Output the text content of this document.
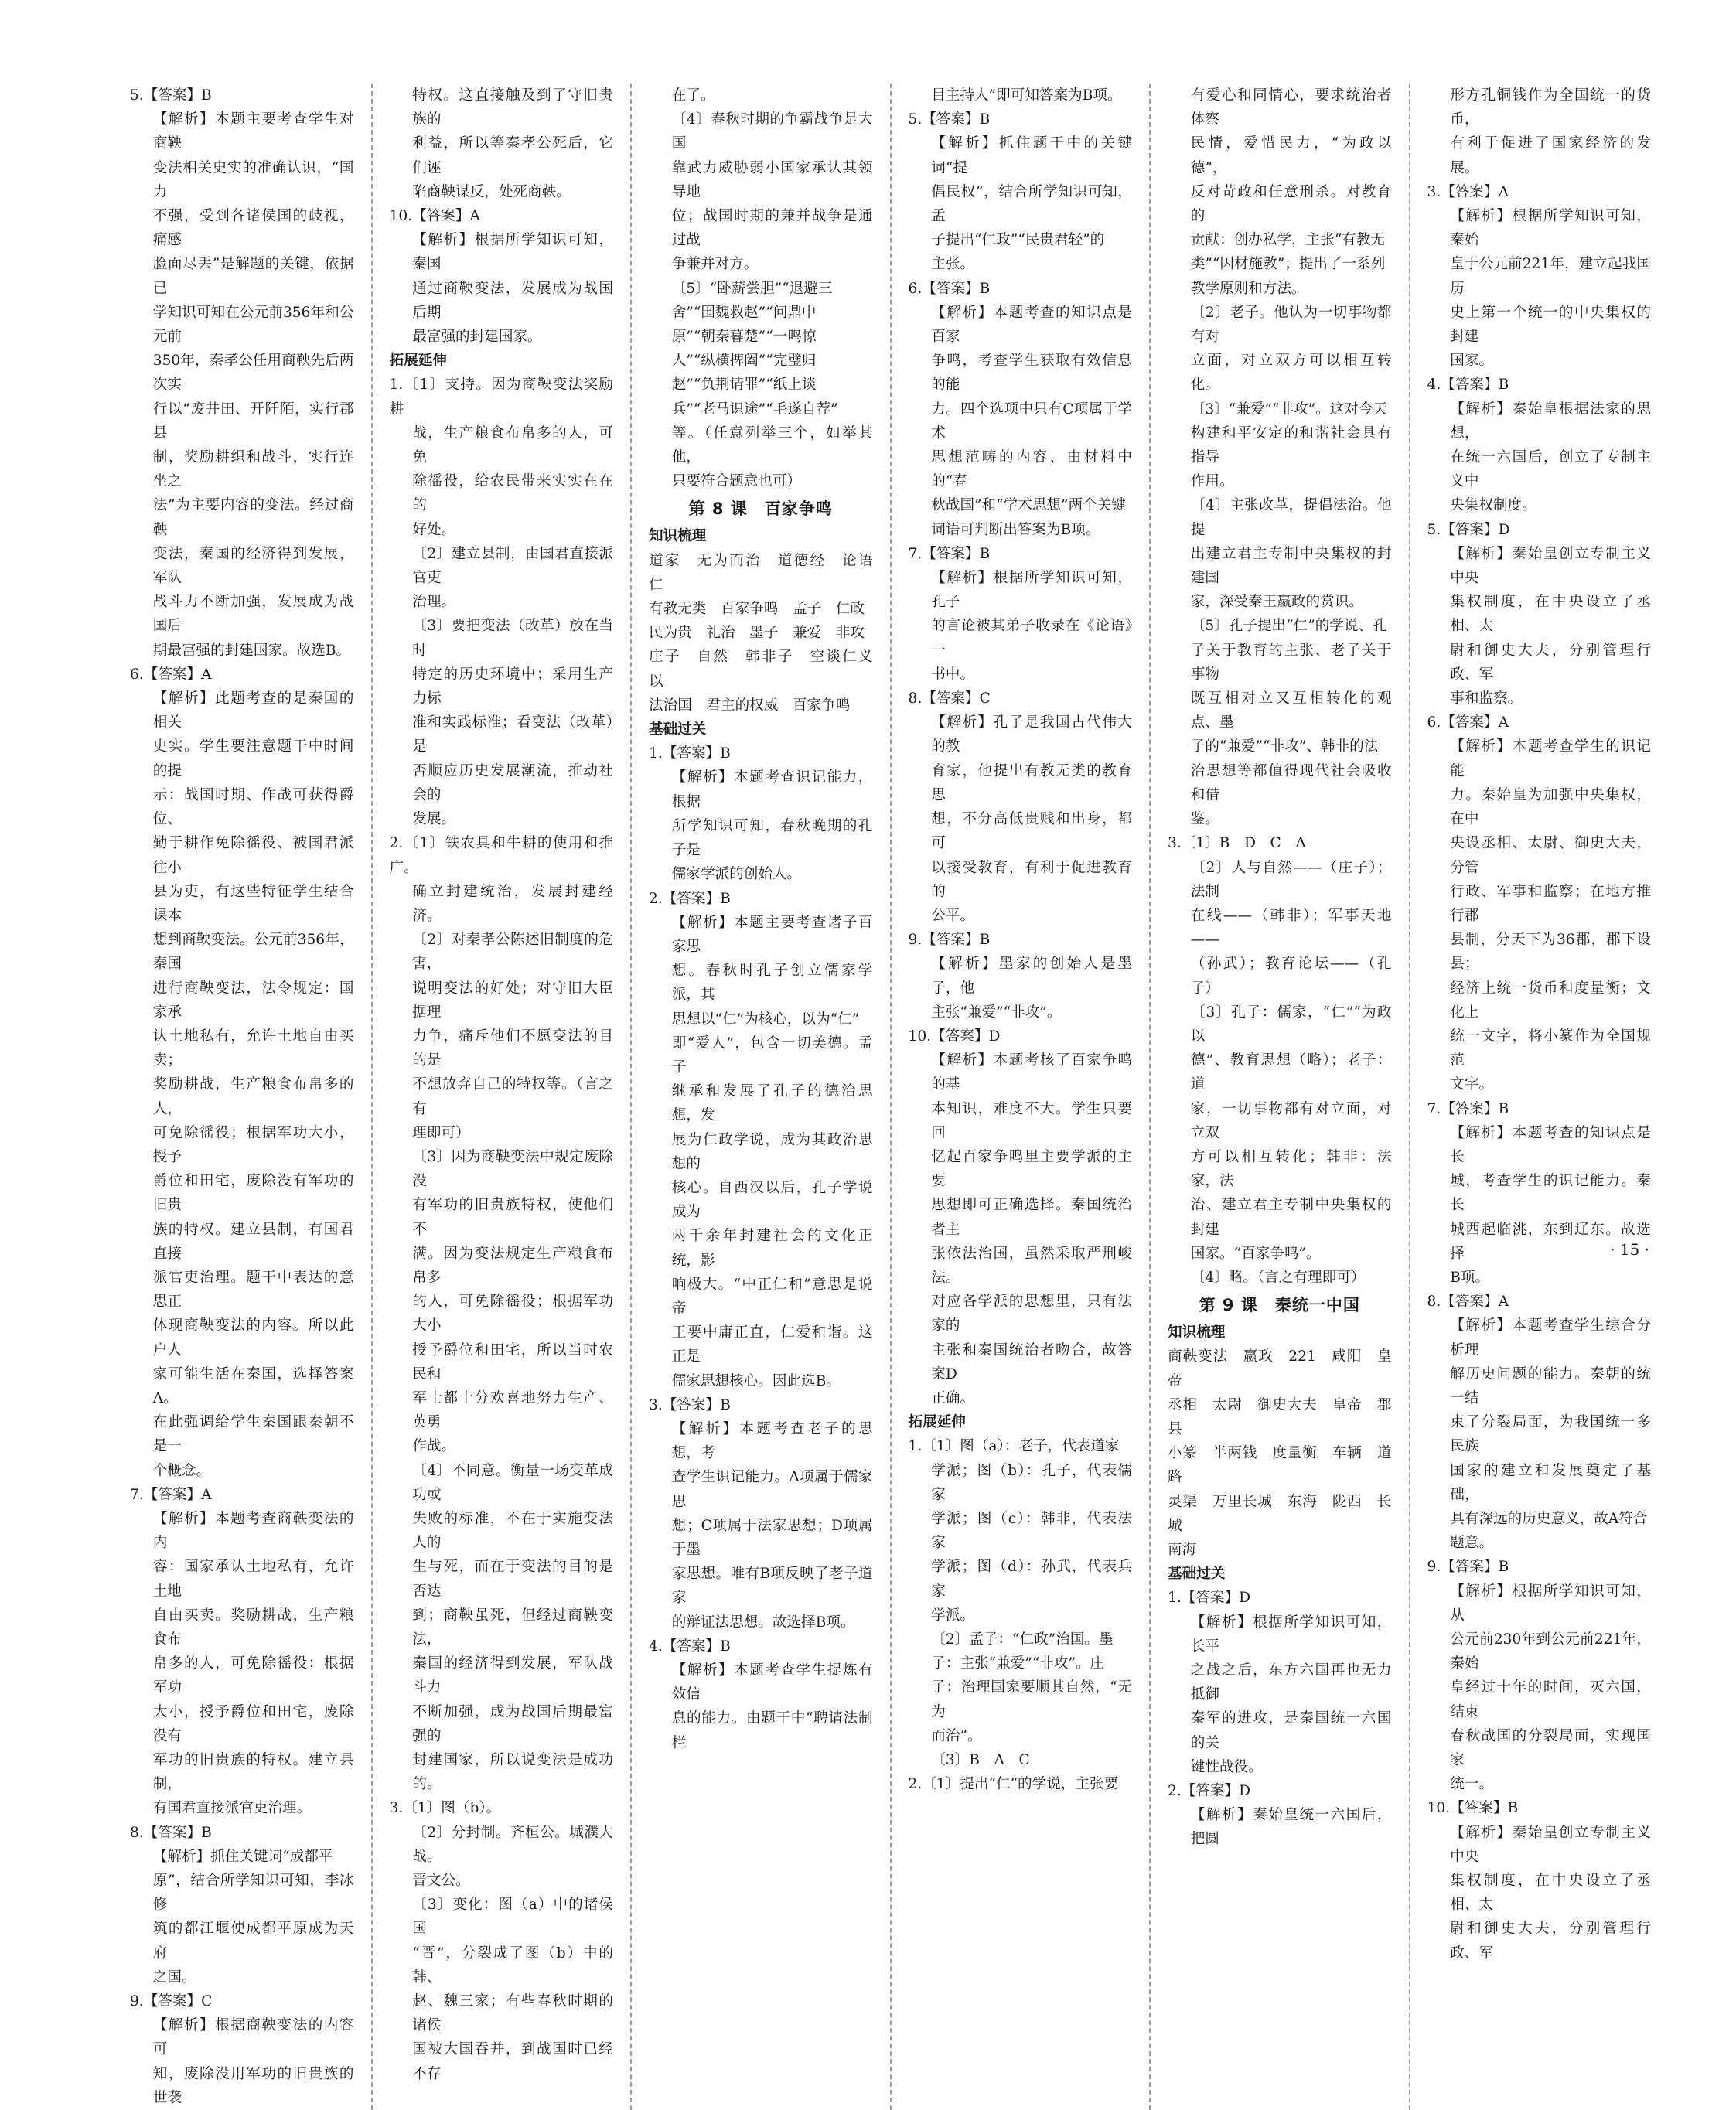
5.【答案】B
【解析】本题主要考查学生对商鞅
变法相关史实的准确认识，“国力
不强，受到各诸侯国的歧视，痛感
脸面尽丢”是解题的关键，依据已
学知识可知在公元前356年和公元前
350年，秦孝公任用商鞅先后两次实
行以“废井田、开阡陌，实行郡县
制，奖励耕织和战斗，实行连坐之
法”为主要内容的变法。经过商鞅
变法，秦国的经济得到发展，军队
战斗力不断加强，发展成为战国后
期最富强的封建国家。故选B。
6.【答案】A
【解析】此题考查的是秦国的相关
史实。学生要注意题干中时间的提
示：战国时期、作战可获得爵位、
勤于耕作免除徭役、被国君派往小
县为吏，有这些特征学生结合课本
想到商鞅变法。公元前356年，秦国
进行商鞅变法，法令规定：国家承
认土地私有，允许土地自由买卖；
奖励耕战，生产粮食布帛多的人，
可免除徭役；根据军功大小，授予
爵位和田宅，废除没有军功的旧贵
族的特权。建立县制，有国君直接
派官吏治理。题干中表达的意思正
体现商鞅变法的内容。所以此户人
家可能生活在秦国，选择答案A。
在此强调给学生秦国跟秦朝不是一
个概念。
7.【答案】A
【解析】本题考查商鞅变法的内
容：国家承认土地私有，允许土地
自由买卖。奖励耕战，生产粮食布
帛多的人，可免除徭役；根据军功
大小，授予爵位和田宅，废除没有
军功的旧贵族的特权。建立县制，
有国君直接派官吏治理。
8.【答案】B
【解析】抓住关键词“成都平
原”，结合所学知识可知，李冰修
筑的都江堰使成都平原成为天府
之国。
9.【答案】C
【解析】根据商鞅变法的内容可
知，废除没用军功的旧贵族的世袭
特权。这直接触及到了守旧贵族的
利益，所以等秦孝公死后，它们诬
陷商鞅谋反，处死商鞅。
10.【答案】A
【解析】根据所学知识可知，秦国
通过商鞅变法，发展成为战国后期
最富强的封建国家。
拓展延伸
1.〔1〕支持。因为商鞅变法奖励耕
战，生产粮食布帛多的人，可免
除徭役，给农民带来实实在在的
好处。
〔2〕建立县制，由国君直接派官吏
治理。
〔3〕要把变法（改革）放在当时
特定的历史环境中；采用生产力标
准和实践标准；看变法（改革）是
否顺应历史发展潮流，推动社会的
发展。
2.〔1〕铁农具和牛耕的使用和推广。
确立封建统治，发展封建经济。
〔2〕对秦孝公陈述旧制度的危害，
说明变法的好处；对守旧大臣据理
力争，痛斥他们不愿变法的目的是
不想放弃自己的特权等。（言之有
理即可）
〔3〕因为商鞅变法中规定废除没
有军功的旧贵族特权，使他们不
满。因为变法规定生产粮食布帛多
的人，可免除徭役；根据军功大小
授予爵位和田宅，所以当时农民和
军士都十分欢喜地努力生产、英勇
作战。
〔4〕不同意。衡量一场变革成功或
失败的标准，不在于实施变法人的
生与死，而在于变法的目的是否达
到；商鞅虽死，但经过商鞅变法，
秦国的经济得到发展，军队战斗力
不断加强，成为战国后期最富强的
封建国家，所以说变法是成功的。
3.〔1〕图（b）。
〔2〕分封制。齐桓公。城濮大战。
晋文公。
〔3〕变化：图（a）中的诸侯国
“晋”，分裂成了图（b）中的韩、
赵、魏三家；有些春秋时期的诸侯
国被大国吞并，到战国时已经不存
在了。
〔4〕春秋时期的争霸战争是大国
靠武力威胁弱小国家承认其领导地
位；战国时期的兼并战争是通过战
争兼并对方。
〔5〕“卧薪尝胆”“退避三
舍”“围魏救赵”“问鼎中
原”“朝秦暮楚”“一鸣惊
人”“纵横捭阖”“完璧归
赵”“负荆请罪”“纸上谈
兵”“老马识途”“毛遂自荐”
等。（任意列举三个，如举其他，
只要符合题意也可）
第 8 课　百家争鸣
知识梳理
道家　无为而治　道德经　论语　仁
有教无类　百家争鸣　孟子　仁政
民为贵　礼治　墨子　兼爱　非攻
庄子　自然　韩非子　空谈仁义　以
法治国　君主的权威　百家争鸣
基础过关
1.【答案】B
【解析】本题考查识记能力，根据
所学知识可知，春秋晚期的孔子是
儒家学派的创始人。
2.【答案】B
【解析】本题主要考查诸子百家思
想。春秋时孔子创立儒家学派，其
思想以“仁”为核心，以为“仁”
即“爱人”，包含一切美德。孟子
继承和发展了孔子的德治思想，发
展为仁政学说，成为其政治思想的
核心。自西汉以后，孔子学说成为
两千余年封建社会的文化正统，影
响极大。“中正仁和”意思是说帝
王要中庸正直，仁爱和谐。这正是
儒家思想核心。因此选B。
3.【答案】B
【解析】本题考查老子的思想，考
查学生识记能力。A项属于儒家思
想；C项属于法家思想；D项属于墨
家思想。唯有B项反映了老子道家
的辩证法思想。故选择B项。
4.【答案】B
【解析】本题考查学生提炼有效信
息的能力。由题干中“聘请法制栏
目主持人”即可知答案为B项。
5.【答案】B
【解析】抓住题干中的关键词“提
倡民权”，结合所学知识可知，孟
子提出“仁政”“民贵君轻”的
主张。
6.【答案】B
【解析】本题考查的知识点是百家
争鸣，考查学生获取有效信息的能
力。四个选项中只有C项属于学术
思想范畴的内容，由材料中的“春
秋战国”和“学术思想”两个关键
词语可判断出答案为B项。
7.【答案】B
【解析】根据所学知识可知，孔子
的言论被其弟子收录在《论语》一
书中。
8.【答案】C
【解析】孔子是我国古代伟大的教
育家，他提出有教无类的教育思
想，不分高低贵贱和出身，都可
以接受教育，有利于促进教育的
公平。
9.【答案】B
【解析】墨家的创始人是墨子，他
主张“兼爱”“非攻”。
10.【答案】D
【解析】本题考核了百家争鸣的基
本知识，难度不大。学生只要回
忆起百家争鸣里主要学派的主要
思想即可正确选择。秦国统治者主
张依法治国，虽然采取严刑峻法。
对应各学派的思想里，只有法家的
主张和秦国统治者吻合，故答案D
正确。
拓展延伸
1.〔1〕图（a）：老子，代表道家
学派；图（b）：孔子，代表儒家
学派；图（c）：韩非，代表法家
学派；图（d）：孙武，代表兵家
学派。
〔2〕孟子：“仁政”治国。墨
子：主张“兼爱”“非攻”。庄
子：治理国家要顺其自然，“无为
而治”。
〔3〕B　A　C
2.〔1〕提出“仁”的学说，主张要
有爱心和同情心，要求统治者体察
民情，爱惜民力，“为政以德”，
反对苛政和任意刑杀。对教育的
贡献：创办私学，主张“有教无
类”“因材施教”；提出了一系列
教学原则和方法。
〔2〕老子。他认为一切事物都有对
立面，对立双方可以相互转化。
〔3〕“兼爱”“非攻”。这对今天
构建和平安定的和谐社会具有指导
作用。
〔4〕主张改革，提倡法治。他提
出建立君主专制中央集权的封建国
家，深受秦王嬴政的赏识。
〔5〕孔子提出“仁”的学说、孔
子关于教育的主张、老子关于事物
既互相对立又互相转化的观点、墨
子的“兼爱”“非攻”、韩非的法
治思想等都值得现代社会吸收和借
鉴。
3.〔1〕B　D　C　A
〔2〕人与自然——（庄子）；法制
在线——（韩非）；军事天地——
（孙武）；教育论坛——（孔子）
〔3〕孔子：儒家，“仁”“为政以
德”、教育思想（略）；老子：道
家，一切事物都有对立面，对立双
方可以相互转化；韩非：法家，法
治、建立君主专制中央集权的封建
国家。“百家争鸣”。
〔4〕略。（言之有理即可）
第 9 课　秦统一中国
知识梳理
商鞅变法　嬴政　221　咸阳　皇帝
丞相　太尉　御史大夫　皇帝　郡县
小篆　半两钱　度量衡　车辆　道路
灵渠　万里长城　东海　陇西　长城
南海
基础过关
1.【答案】D
【解析】根据所学知识可知，长平
之战之后，东方六国再也无力抵御
秦军的进攻，是秦国统一六国的关
键性战役。
2.【答案】D
【解析】秦始皇统一六国后，把圆
形方孔铜钱作为全国统一的货币，
有利于促进了国家经济的发展。
3.【答案】A
【解析】根据所学知识可知，秦始
皇于公元前221年，建立起我国历
史上第一个统一的中央集权的封建
国家。
4.【答案】B
【解析】秦始皇根据法家的思想，
在统一六国后，创立了专制主义中
央集权制度。
5.【答案】D
【解析】秦始皇创立专制主义中央
集权制度，在中央设立了丞相、太
尉和御史大夫，分别管理行政、军
事和监察。
6.【答案】A
【解析】本题考查学生的识记能
力。秦始皇为加强中央集权，在中
央设丞相、太尉、御史大夫，分管
行政、军事和监察；在地方推行郡
县制，分天下为36郡，郡下设县；
经济上统一货币和度量衡；文化上
统一文字，将小篆作为全国规范
文字。
7.【答案】B
【解析】本题考查的知识点是长
城，考查学生的识记能力。秦长
城西起临洮，东到辽东。故选择
B项。
8.【答案】A
【解析】本题考查学生综合分析理
解历史问题的能力。秦朝的统一结
束了分裂局面，为我国统一多民族
国家的建立和发展奠定了基础，
具有深远的历史意义，故A符合
题意。
9.【答案】B
【解析】根据所学知识可知，从
公元前230年到公元前221年，秦始
皇经过十年的时间，灭六国，结束
春秋战国的分裂局面，实现国家
统一。
10.【答案】B
【解析】秦始皇创立专制主义中央
集权制度，在中央设立了丞相、太
尉和御史大夫，分别管理行政、军
· 15 ·
